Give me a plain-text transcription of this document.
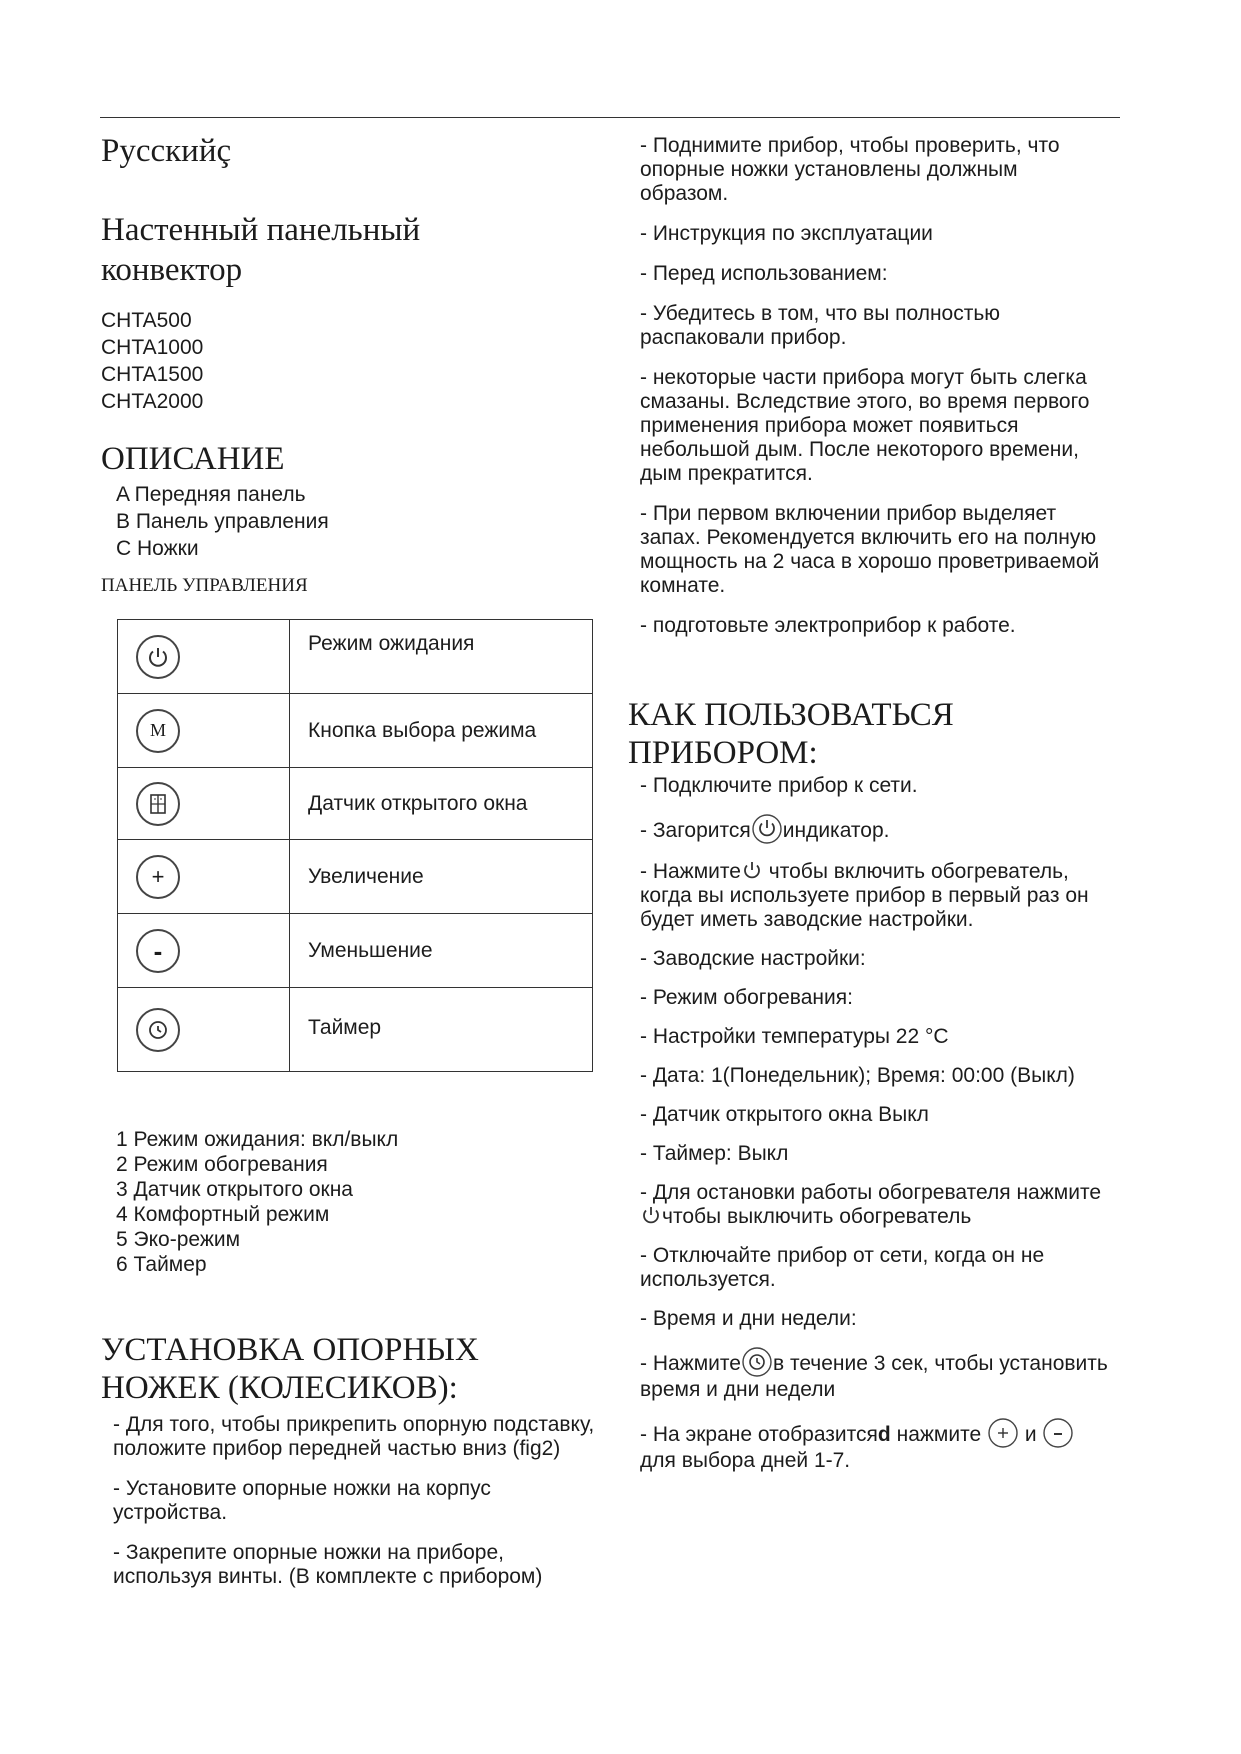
Русскийç
Настенный панельный
конвектор
CHTA500
CHTA1000
CHTA1500
CHTA2000
ОПИСАНИЕ
A Передняя панель
B Панель управления
C Ножки
ПАНЕЛЬ УПРАВЛЕНИЯ
	Режим ожидания

M	Кнопка выбора режима

	Датчик открытого окна

+	Увеличение

-	Уменьшение

	Таймер
1 Режим ожидания: вкл/выкл
2 Режим обогревания
3 Датчик открытого окна
4 Комфортный режим
5 Эко-режим
6 Таймер
УСТАНОВКА ОПОРНЫХ
НОЖЕК (КОЛЕСИКОВ):
- Для того, чтобы прикрепить опорную подставку, положите прибор передней частью вниз (fig2)
- Установите опорные ножки на корпус устройства.
- Закрепите опорные ножки на приборе, используя винты. (В комплекте с прибором)
- Поднимите прибор, чтобы проверить, что опорные ножки установлены должным образом.
- Инструкция по эксплуатации
- Перед использованием:
- Убедитесь в том, что вы полностью распаковали прибор.
- некоторые части прибора могут быть слегка смазаны. Вследствие этого, во время первого применения прибора может появиться небольшой дым. После некоторого времени, дым прекратится.
- При первом включении прибор выделяет запах. Рекомендуется включить его на полную мощность на 2 часа в хорошо проветриваемой комнате.
- подготовьте электроприбор к работе.
КАК ПОЛЬЗОВАТЬСЯ
ПРИБОРОМ:
- Подключите прибор к сети.
- Загорится индикатор.
- Нажмите чтобы включить обогреватель, когда вы используете прибор в первый раз он будет иметь заводские настройки.
- Заводские настройки:
- Режим обогревания:
- Настройки температуры 22 °C
- Дата: 1(Понедельник); Время: 00:00 (Выкл)
- Датчик открытого окна Выкл
- Таймер: Выкл
- Для остановки работы обогревателя нажмите чтобы выключить обогреватель
- Отключайте прибор от сети, когда он не используется.
- Время и дни недели:
- Нажмите в течение 3 сек, чтобы установить время и дни недели
- На экране отобразитсяd нажмите и  для выбора дней 1-7.
